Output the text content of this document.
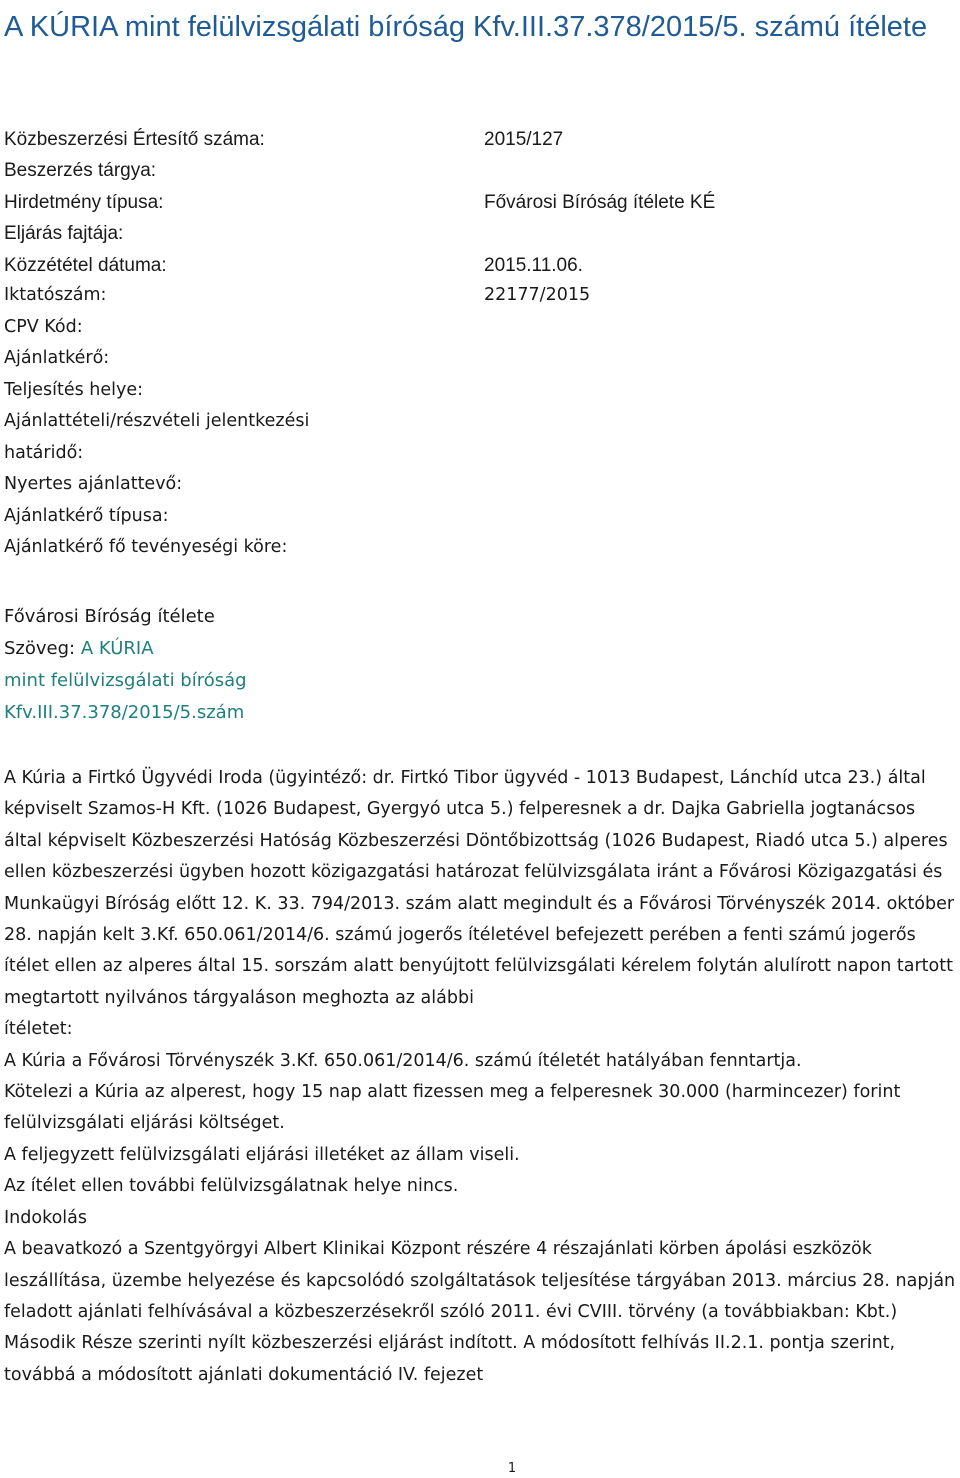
A KÚRIA mint felülvizsgálati bíróság Kfv.III.37.378/2015/5. számú ítélete
Közbeszerzési Értesítő száma:	2015/127
Beszerzés tárgya:
Hirdetmény típusa:	Fővárosi Bíróság ítélete KÉ
Eljárás fajtája:
Közzététel dátuma:	2015.11.06.
Iktatószám:	22177/2015
CPV Kód:
Ajánlatkérő:
Teljesítés helye:
Ajánlattételi/részvételi jelentkezési
határidő:
Nyertes ajánlattevő:
Ajánlatkérő típusa:
Ajánlatkérő fő tevényeségi köre:
Fővárosi Bíróság ítélete
Szöveg: A KÚRIA
mint felülvizsgálati bíróság
Kfv.III.37.378/2015/5.szám

A Kúria a Firtkó Ügyvédi Iroda (ügyintéző: dr. Firtkó Tibor ügyvéd - 1013 Budapest, Lánchíd utca 23.) által képviselt Szamos-H Kft. (1026 Budapest, Gyergyó utca 5.) felperesnek a dr. Dajka Gabriella jogtanácsos által képviselt Közbeszerzési Hatóság Közbeszerzési Döntőbizottság (1026 Budapest, Riadó utca 5.) alperes ellen közbeszerzési ügyben hozott közigazgatási határozat felülvizsgálata iránt a Fővárosi Közigazgatási és Munkaügyi Bíróság előtt 12. K. 33. 794/2013. szám alatt megindult és a Fővárosi Törvényszék 2014. október 28. napján kelt 3.Kf. 650.061/2014/6. számú jogerős ítéletével befejezett perében a fenti számú jogerős ítélet ellen az alperes által 15. sorszám alatt benyújtott felülvizsgálati kérelem folytán alulírott napon tartott megtartott nyilvános tárgyaláson meghozta az alábbi

ítéletet:

A Kúria a Fővárosi Törvényszék 3.Kf. 650.061/2014/6. számú ítéletét hatályában fenntartja.

Kötelezi a Kúria az alperest, hogy 15 nap alatt fizessen meg a felperesnek 30.000 (harmincezer) forint felülvizsgálati eljárási költséget.

A feljegyzett felülvizsgálati eljárási illetéket az állam viseli.

Az ítélet ellen további felülvizsgálatnak helye nincs.

Indokolás

A beavatkozó a Szentgyörgyi Albert Klinikai Központ részére 4 részajánlati körben ápolási eszközök leszállítása, üzembe helyezése és kapcsolódó szolgáltatások teljesítése tárgyában 2013. március 28. napján feladott ajánlati felhívásával a közbeszerzésekről szóló 2011. évi CVIII. törvény (a továbbiakban: Kbt.) Második Része szerinti nyílt közbeszerzési eljárást indított. A módosított felhívás II.2.1. pontja szerint, továbbá a módosított ajánlati dokumentáció IV. fejezet

1
